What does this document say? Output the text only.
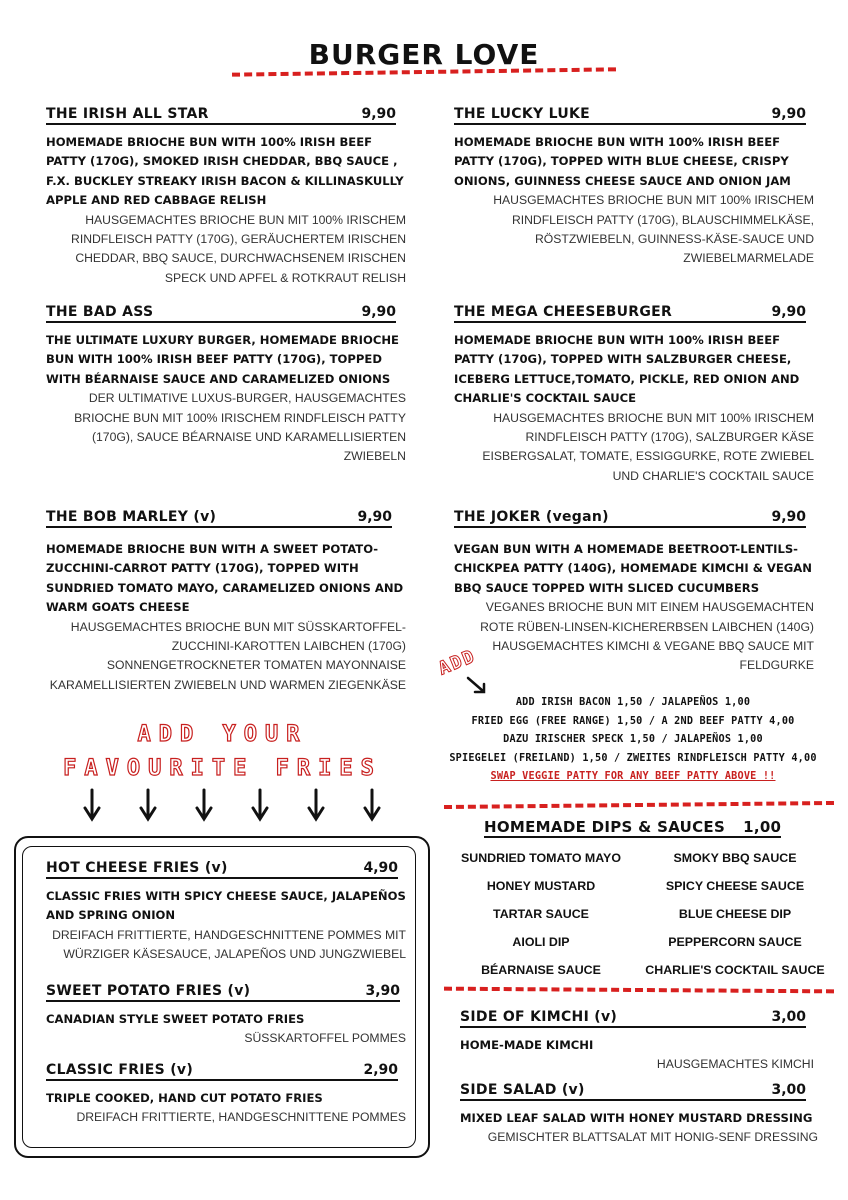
BURGER LOVE
THE IRISH ALL STAR	9,90
HOMEMADE BRIOCHE BUN WITH 100% IRISH BEEF PATTY (170G), SMOKED IRISH CHEDDAR, BBQ SAUCE , F.X. BUCKLEY STREAKY IRISH BACON & KILLINASKULLY APPLE AND RED CABBAGE RELISH
HAUSGEMACHTES BRIOCHE BUN MIT 100% IRISCHEM RINDFLEISCH PATTY (170G), GERÄUCHERTEM IRISCHEN CHEDDAR, BBQ SAUCE, DURCHWACHSENEM IRISCHEN SPECK UND APFEL & ROTKRAUT RELISH
THE BAD ASS	9,90
THE ULTIMATE LUXURY BURGER, HOMEMADE BRIOCHE BUN WITH 100% IRISH BEEF PATTY (170G), TOPPED WITH BÉARNAISE SAUCE AND CARAMELIZED ONIONS
DER ULTIMATIVE LUXUS-BURGER, HAUSGEMACHTES BRIOCHE BUN MIT 100% IRISCHEM RINDFLEISCH PATTY (170G), SAUCE BÉARNAISE UND KARAMELLISIERTEN ZWIEBELN
THE BOB MARLEY (v)	9,90
HOMEMADE BRIOCHE BUN WITH A SWEET POTATO-ZUCCHINI-CARROT PATTY (170G), TOPPED WITH SUNDRIED TOMATO MAYO, CARAMELIZED ONIONS AND WARM GOATS CHEESE
HAUSGEMACHTES BRIOCHE BUN MIT SÜSSKARTOFFEL-ZUCCHINI-KAROTTEN LAIBCHEN (170G) SONNENGETROCKNETER TOMATEN MAYONNAISE KARAMELLISIERTEN ZWIEBELN UND WARMEN ZIEGENKÄSE
THE LUCKY LUKE	9,90
HOMEMADE BRIOCHE BUN WITH 100% IRISH BEEF PATTY (170G), TOPPED WITH BLUE CHEESE, CRISPY ONIONS, GUINNESS CHEESE SAUCE AND ONION JAM
HAUSGEMACHTES BRIOCHE BUN MIT 100% IRISCHEM RINDFLEISCH PATTY (170G), BLAUSCHIMMELKÄSE, RÖSTZWIEBELN, GUINNESS-KÄSE-SAUCE UND ZWIEBELMARMELADE
THE MEGA CHEESEBURGER	9,90
HOMEMADE BRIOCHE BUN WITH 100% IRISH BEEF PATTY (170G), TOPPED WITH SALZBURGER CHEESE, ICEBERG LETTUCE,TOMATO, PICKLE, RED ONION AND CHARLIE'S COCKTAIL SAUCE
HAUSGEMACHTES BRIOCHE BUN MIT 100% IRISCHEM RINDFLEISCH PATTY (170G), SALZBURGER KÄSE EISBERGSALAT, TOMATE, ESSIGGURKE, ROTE ZWIEBEL UND CHARLIE'S COCKTAIL SAUCE
THE JOKER (vegan)	9,90
VEGAN BUN WITH A HOMEMADE BEETROOT-LENTILS-CHICKPEA PATTY (140G), HOMEMADE KIMCHI & VEGAN BBQ SAUCE TOPPED WITH SLICED CUCUMBERS
VEGANES BRIOCHE BUN MIT EINEM HAUSGEMACHTEN ROTE RÜBEN-LINSEN-KICHERERBSEN LAIBCHEN (140G) HAUSGEMACHTES KIMCHI & VEGANE BBQ SAUCE MIT FELDGURKE
ADD YOUR
FAVOURITE FRIES
HOT CHEESE FRIES (v)	4,90
CLASSIC FRIES WITH SPICY CHEESE SAUCE, JALAPEÑOS AND SPRING ONION
DREIFACH FRITTIERTE, HANDGESCHNITTENE POMMES MIT WÜRZIGER KÄSESAUCE, JALAPEÑOS UND JUNGZWIEBEL
SWEET POTATO FRIES (v)	3,90
CANADIAN STYLE SWEET POTATO FRIES
SÜSSKARTOFFEL POMMES
CLASSIC FRIES (v)	2,90
TRIPLE COOKED, HAND CUT POTATO FRIES
DREIFACH FRITTIERTE, HANDGESCHNITTENE POMMES
ADD
ADD IRISH BACON 1,50 / JALAPEÑOS 1,00
FRIED EGG (FREE RANGE) 1,50 / A 2ND BEEF PATTY 4,00
DAZU IRISCHER SPECK 1,50 / JALAPEÑOS 1,00
SPIEGELEI (FREILAND) 1,50 / ZWEITES RINDFLEISCH PATTY 4,00
SWAP VEGGIE PATTY FOR ANY BEEF PATTY ABOVE !!
HOMEMADE DIPS & SAUCES 1,00
SUNDRIED TOMATO MAYO	SMOKY BBQ SAUCE
HONEY MUSTARD	SPICY CHEESE SAUCE
TARTAR SAUCE	BLUE CHEESE DIP
AIOLI DIP	PEPPERCORN SAUCE
BÉARNAISE SAUCE	CHARLIE'S COCKTAIL SAUCE
SIDE OF KIMCHI (v)	3,00
HOME-MADE KIMCHI
HAUSGEMACHTES KIMCHI
SIDE SALAD (v)	3,00
MIXED LEAF SALAD WITH HONEY MUSTARD DRESSING
GEMISCHTER BLATTSALAT MIT HONIG-SENF DRESSING
